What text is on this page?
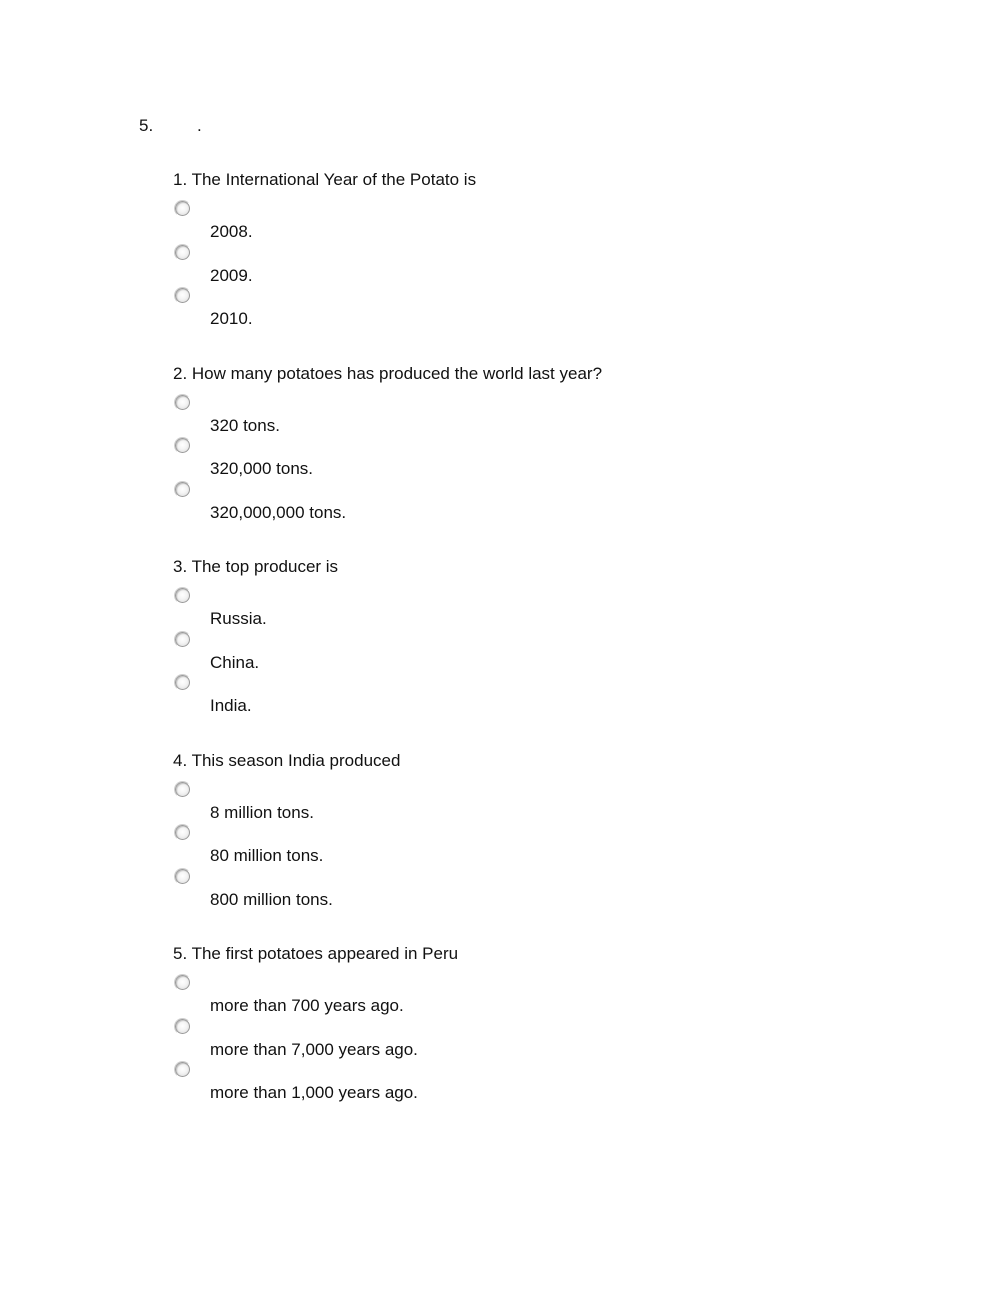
5.	.
1. The International Year of the Potato is
2008.
2009.
2010.
2. How many potatoes has produced the world last year?
320 tons.
320,000 tons.
320,000,000 tons.
3. The top producer is
Russia.
China.
India.
4. This season India produced
8 million tons.
80 million tons.
800 million tons.
5. The first potatoes appeared in Peru
more than 700 years ago.
more than 7,000 years ago.
more than 1,000 years ago.
